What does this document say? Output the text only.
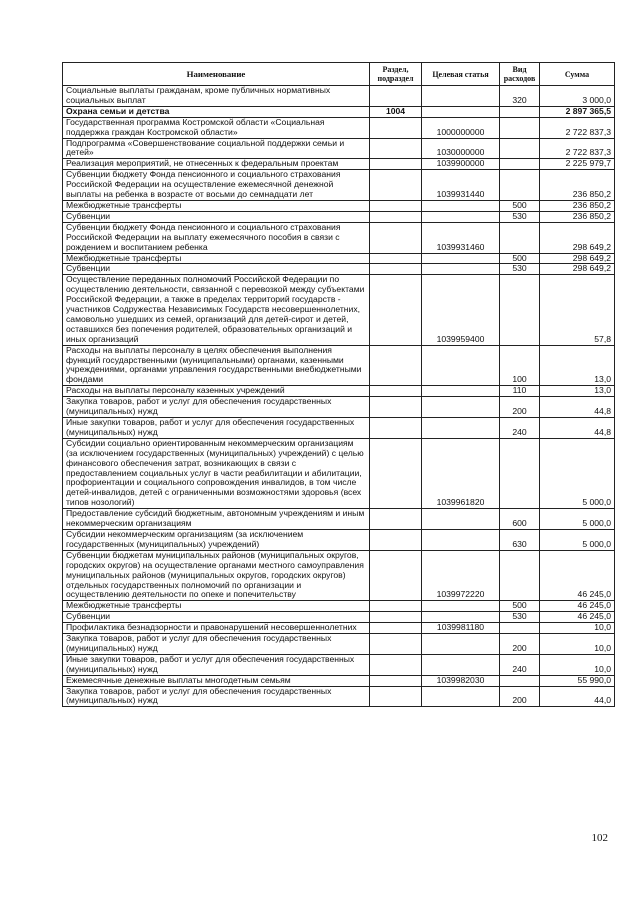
Наименование	Раздел, подраздел	Целевая статья	Вид расходов	Сумма
Социальные выплаты гражданам, кроме публичных нормативных социальных выплат			320	3 000,0
Охрана семьи и детства	1004			2 897 365,5
Государственная программа Костромской области «Социальная поддержка граждан Костромской области»		1000000000		2 722 837,3
Подпрограмма «Совершенствование социальной поддержки семьи и детей»		1030000000		2 722 837,3
Реализация мероприятий, не отнесенных к федеральным проектам		1039900000		2 225 979,7
Субвенции бюджету Фонда пенсионного и социального страхования Российской Федерации на осуществление ежемесячной денежной выплаты на ребенка в возрасте от восьми до семнадцати лет		1039931440		236 850,2
Межбюджетные трансферты			500	236 850,2
Субвенции			530	236 850,2
Субвенции бюджету Фонда пенсионного и социального страхования Российской Федерации на выплату ежемесячного пособия в связи с рождением и воспитанием ребенка		1039931460		298 649,2
Межбюджетные трансферты			500	298 649,2
Субвенции			530	298 649,2
Осуществление переданных полномочий Российской Федерации по осуществлению деятельности, связанной с перевозкой между субъектами Российской Федерации, а также в пределах территорий государств - участников Содружества Независимых Государств несовершеннолетних, самовольно ушедших из семей, организаций для детей-сирот и детей, оставшихся без попечения родителей, образовательных организаций и иных организаций		1039959400		57,8
Расходы на выплаты персоналу в целях обеспечения выполнения функций государственными (муниципальными) органами, казенными учреждениями, органами управления государственными внебюджетными фондами			100	13,0
Расходы на выплаты персоналу казенных учреждений			110	13,0
Закупка товаров, работ и услуг для обеспечения государственных (муниципальных) нужд			200	44,8
Иные закупки товаров, работ и услуг для обеспечения государственных (муниципальных) нужд			240	44,8
Субсидии социально ориентированным некоммерческим организациям (за исключением государственных (муниципальных) учреждений) с целью финансового обеспечения затрат, возникающих в связи с предоставлением социальных услуг в части реабилитации и абилитации, профориентации и социального сопровождения инвалидов, в том числе детей-инвалидов, детей с ограниченными возможностями здоровья (всех типов нозологий)		1039961820		5 000,0
Предоставление субсидий бюджетным, автономным учреждениям и иным некоммерческим организациям			600	5 000,0
Субсидии некоммерческим организациям (за исключением государственных (муниципальных) учреждений)			630	5 000,0
Субвенции бюджетам муниципальных районов (муниципальных округов, городских округов) на осуществление органами местного самоуправления муниципальных районов (муниципальных округов, городских округов) отдельных государственных полномочий по организации и осуществлению деятельности по опеке и попечительству		1039972220		46 245,0
Межбюджетные трансферты			500	46 245,0
Субвенции			530	46 245,0
Профилактика безнадзорности и правонарушений несовершеннолетних		1039981180		10,0
Закупка товаров, работ и услуг для обеспечения государственных (муниципальных) нужд			200	10,0
Иные закупки товаров, работ и услуг для обеспечения государственных (муниципальных) нужд			240	10,0
Ежемесячные денежные выплаты многодетным семьям		1039982030		55 990,0
Закупка товаров, работ и услуг для обеспечения государственных (муниципальных) нужд			200	44,0
102
